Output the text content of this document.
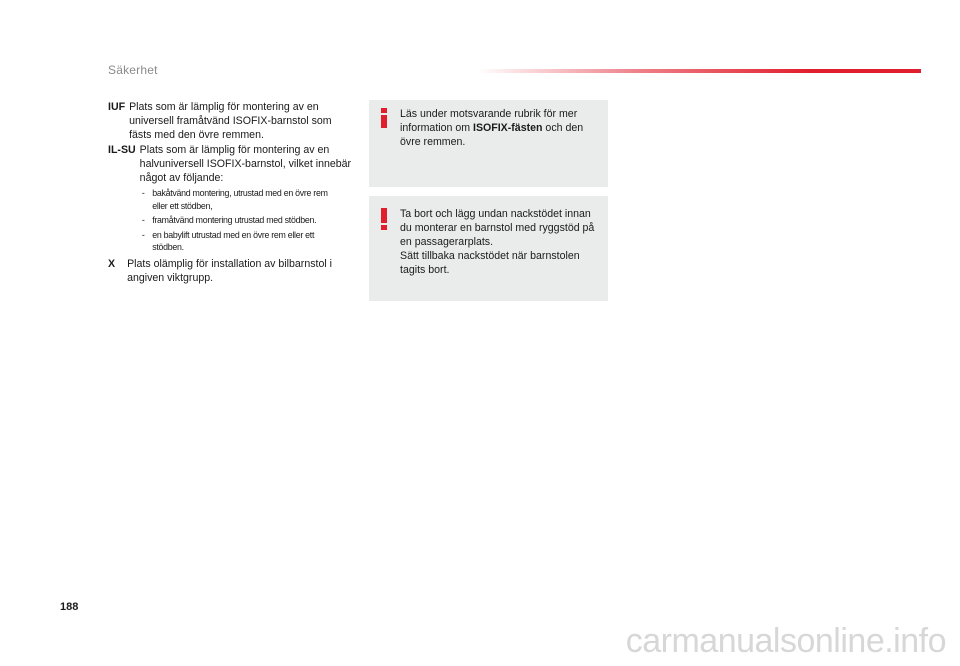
Säkerhet
IUF Plats som är lämplig för montering av en universell framåtvänd ISOFIX-barnstol som fästs med den övre remmen.
IL-SU Plats som är lämplig för montering av en halvuniversell ISOFIX-barnstol, vilket innebär något av följande:
- bakåtvänd montering, utrustad med en övre rem eller ett stödben,
- framåtvänd montering utrustad med stödben.
- en babylift utrustad med en övre rem eller ett stödben.
X	Plats olämplig för installation av bilbarnstol i angiven viktgrupp.
Läs under motsvarande rubrik för mer information om ISOFIX-fästen och den övre remmen.
Ta bort och lägg undan nackstödet innan du monterar en barnstol med ryggstöd på en passagerarplats.
Sätt tillbaka nackstödet när barnstolen tagits bort.
188
carmanualsonline.info
